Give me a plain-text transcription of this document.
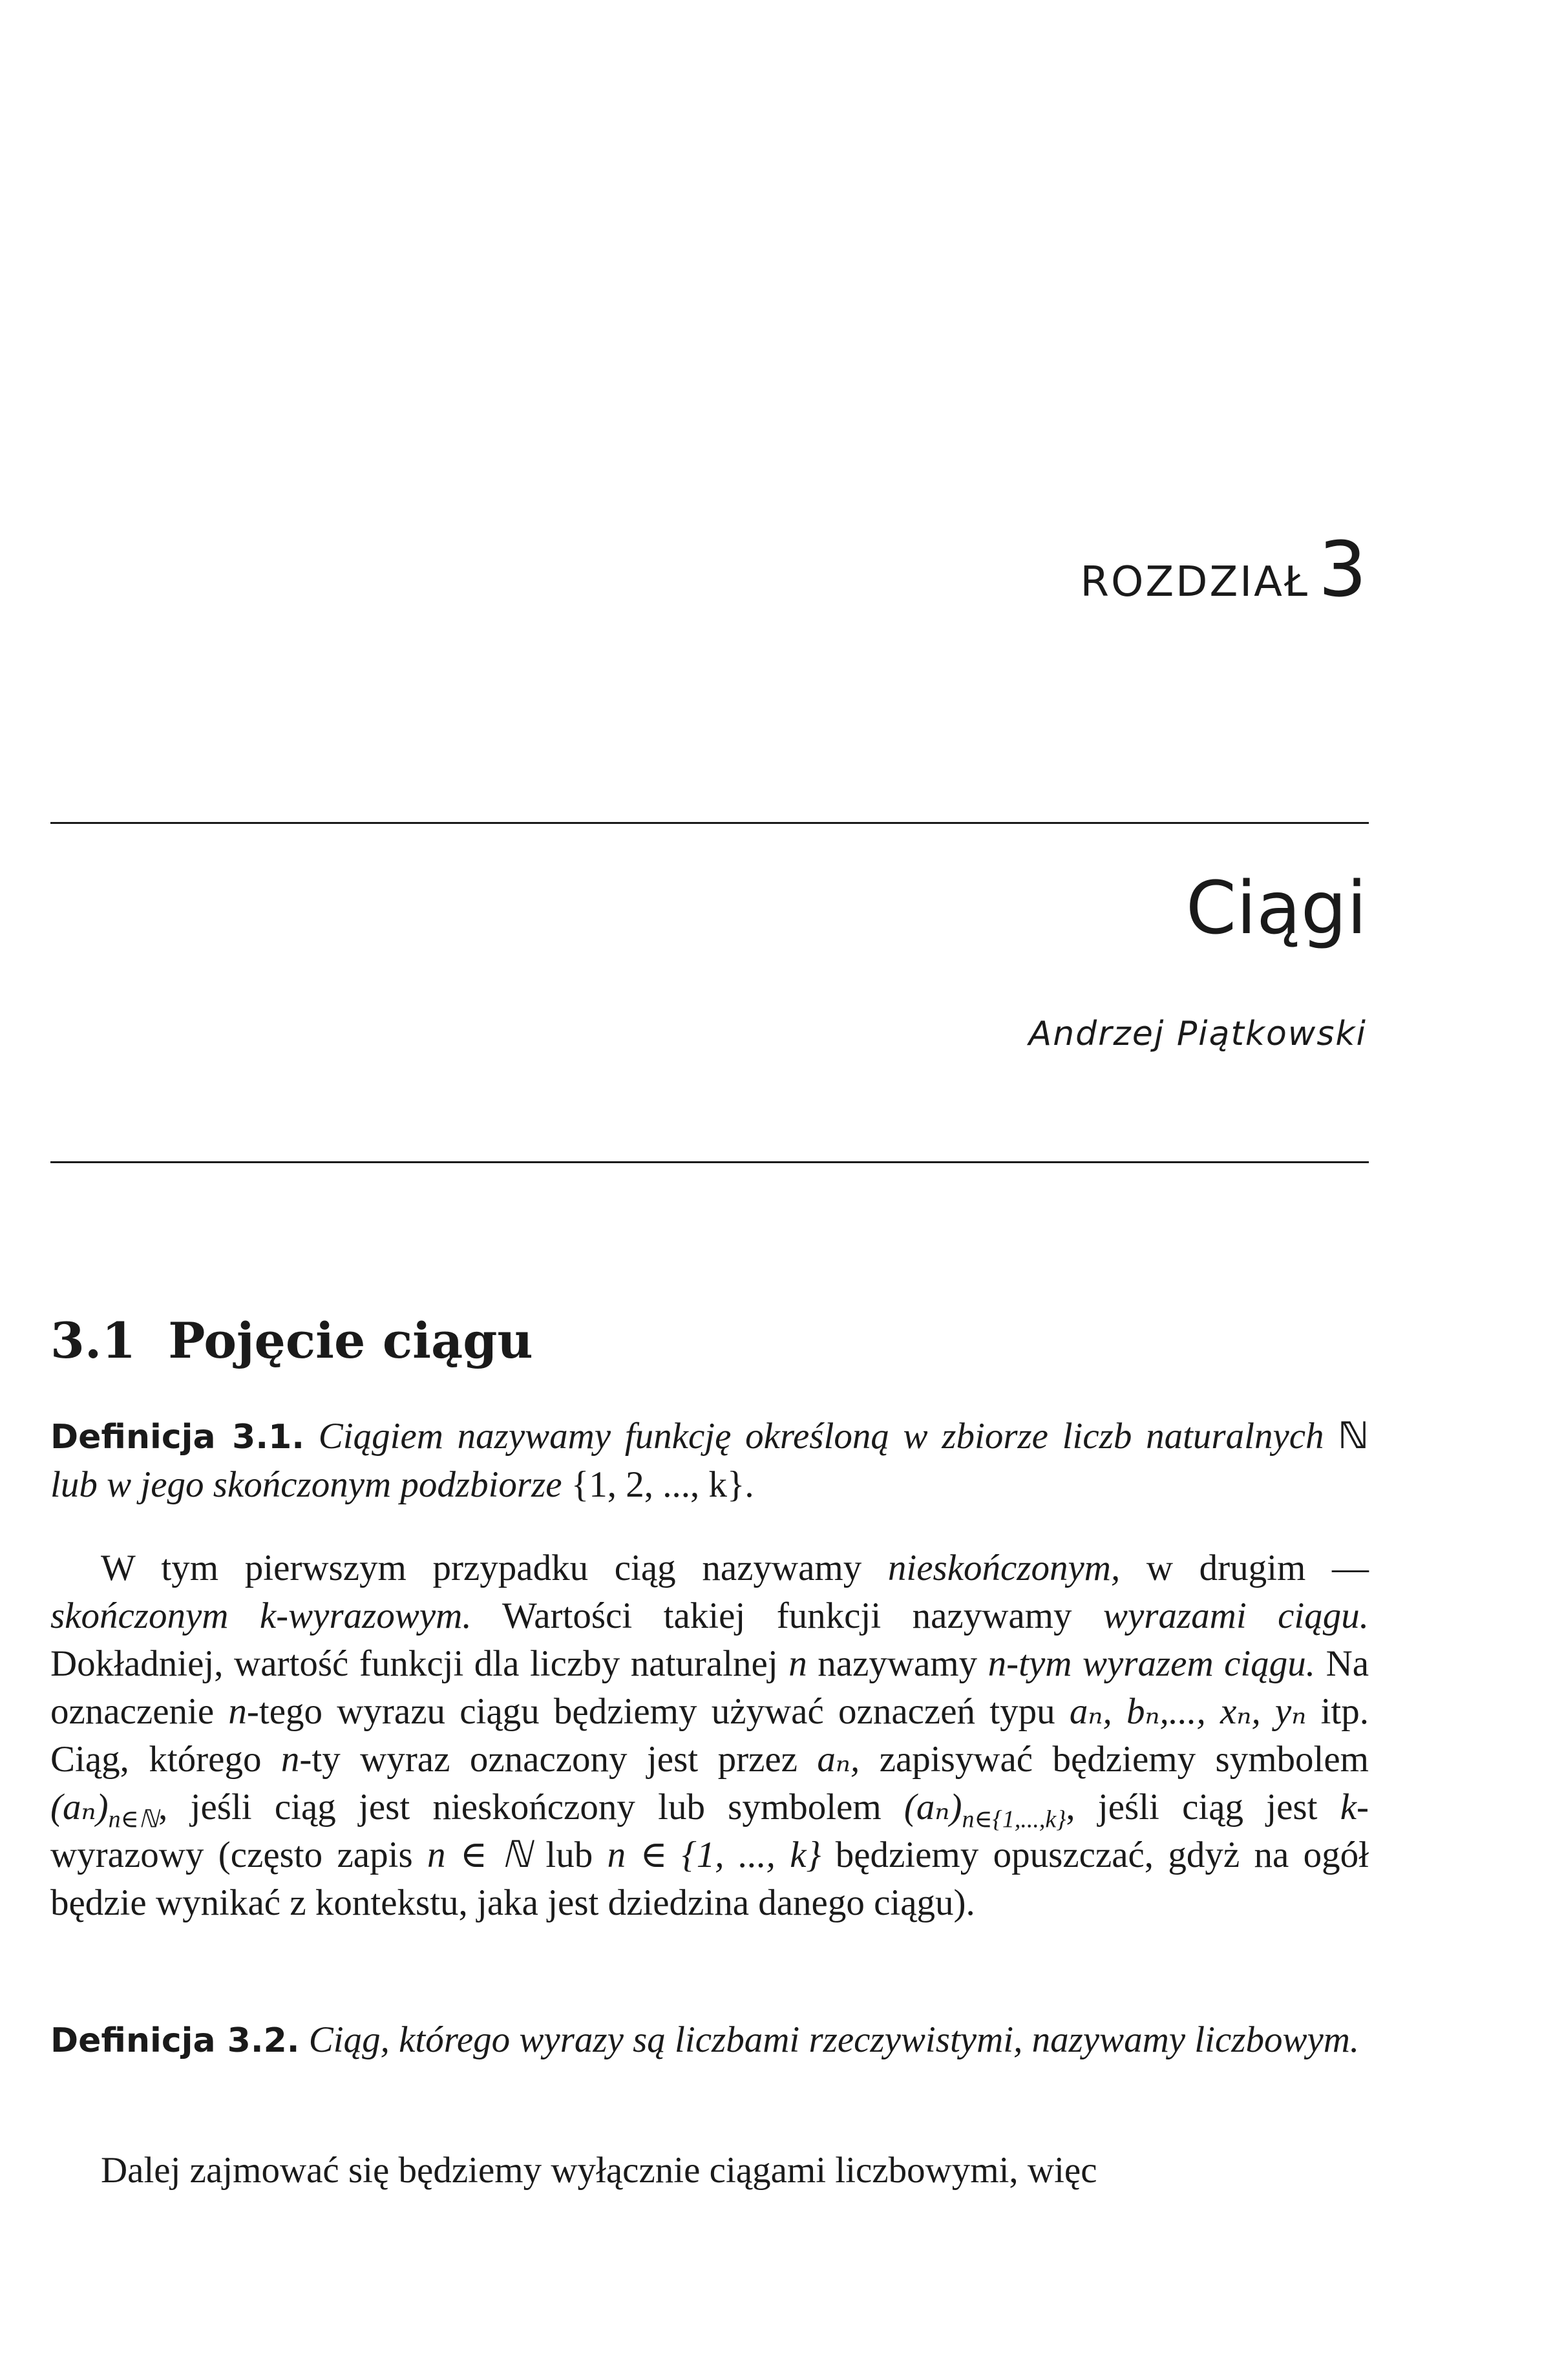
ROZDZIAŁ 3
Ciągi
Andrzej Piątkowski
3.1 Pojęcie ciągu
Definicja 3.1. Ciągiem nazywamy funkcję określoną w zbiorze liczb naturalnych ℕ lub w jego skończonym podzbiorze {1, 2, ..., k}.
W tym pierwszym przypadku ciąg nazywamy nieskończonym, w drugim — skończonym k-wyrazowym. Wartości takiej funkcji nazywamy wyrazami ciągu. Dokładniej, wartość funkcji dla liczby naturalnej n nazywamy n-tym wyrazem ciągu. Na oznaczenie n-tego wyrazu ciągu będziemy używać oznaczeń typu aₙ, bₙ,..., xₙ, yₙ itp. Ciąg, którego n-ty wyraz oznaczony jest przez aₙ, zapisywać będziemy symbolem $(a_n)_{n\in ℕ}$, jeśli ciąg jest nieskończony lub symbolem $(a_n)_{n\in\{1,...,k\}}$, jeśli ciąg jest k-wyrazowy (często zapis n ∈ ℕ lub n ∈ {1, ..., k} będziemy opuszczać, gdyż na ogół będzie wynikać z kontekstu, jaka jest dziedzina danego ciągu).
Definicja 3.2. Ciąg, którego wyrazy są liczbami rzeczywistymi, nazywamy liczbowym.
Dalej zajmować się będziemy wyłącznie ciągami liczbowymi, więc
